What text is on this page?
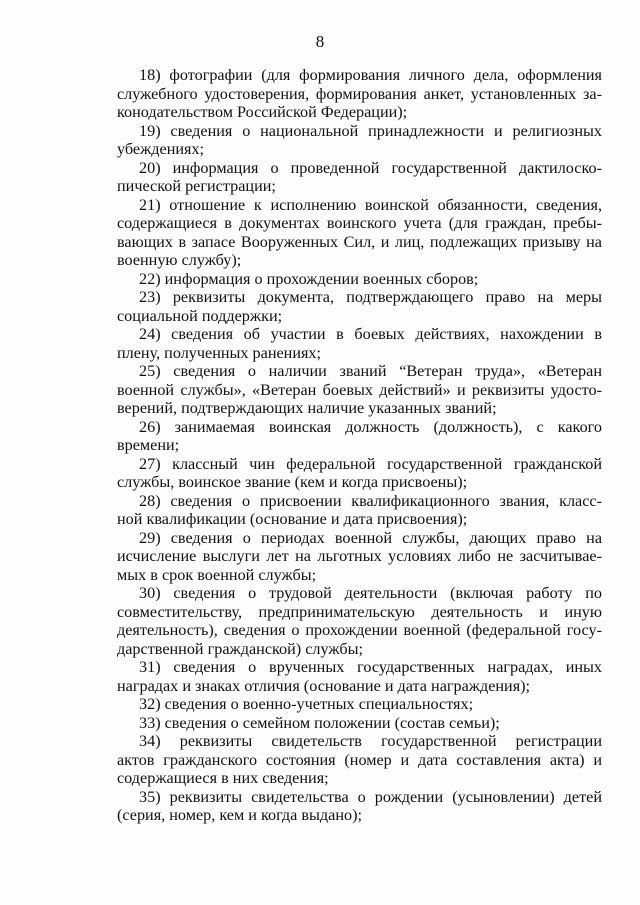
8
18) фотографии (для формирования личного дела, оформления
служебного удостоверения, формирования анкет, установленных за-
конодательством Российской Федерации);
19) сведения о национальной принадлежности и религиозных
убеждениях;
20) информация о проведенной государственной дактилоско-
пической регистрации;
21) отношение к исполнению воинской обязанности, сведения,
содержащиеся в документах воинского учета (для граждан, пребы-
вающих в запасе Вооруженных Сил, и лиц, подлежащих призыву на
военную службу);
22) информация о прохождении военных сборов;
23) реквизиты документа, подтверждающего право на меры
социальной поддержки;
24) сведения об участии в боевых действиях, нахождении в
плену, полученных ранениях;
25) сведения о наличии званий “Ветеран труда», «Ветеран
военной службы», «Ветеран боевых действий» и реквизиты удосто-
верений, подтверждающих наличие указанных званий;
26) занимаемая воинская должность (должность), с какого
времени;
27) классный чин федеральной государственной гражданской
службы, воинское звание (кем и когда присвоены);
28) сведения о присвоении квалификационного звания, класс-
ной квалификации (основание и дата присвоения);
29) сведения о периодах военной службы, дающих право на
исчисление выслуги лет на льготных условиях либо не засчитывае-
мых в срок военной службы;
30) сведения о трудовой деятельности (включая работу по
совместительству, предпринимательскую деятельность и иную
деятельность), сведения о прохождении военной (федеральной госу-
дарственной гражданской) службы;
31) сведения о врученных государственных наградах, иных
наградах и знаках отличия (основание и дата награждения);
32) сведения о военно-учетных специальностях;
33) сведения о семейном положении (состав семьи);
34) реквизиты свидетельств государственной регистрации
актов гражданского состояния (номер и дата составления акта) и
содержащиеся в них сведения;
35) реквизиты свидетельства о рождении (усыновлении) детей
(серия, номер, кем и когда выдано);
